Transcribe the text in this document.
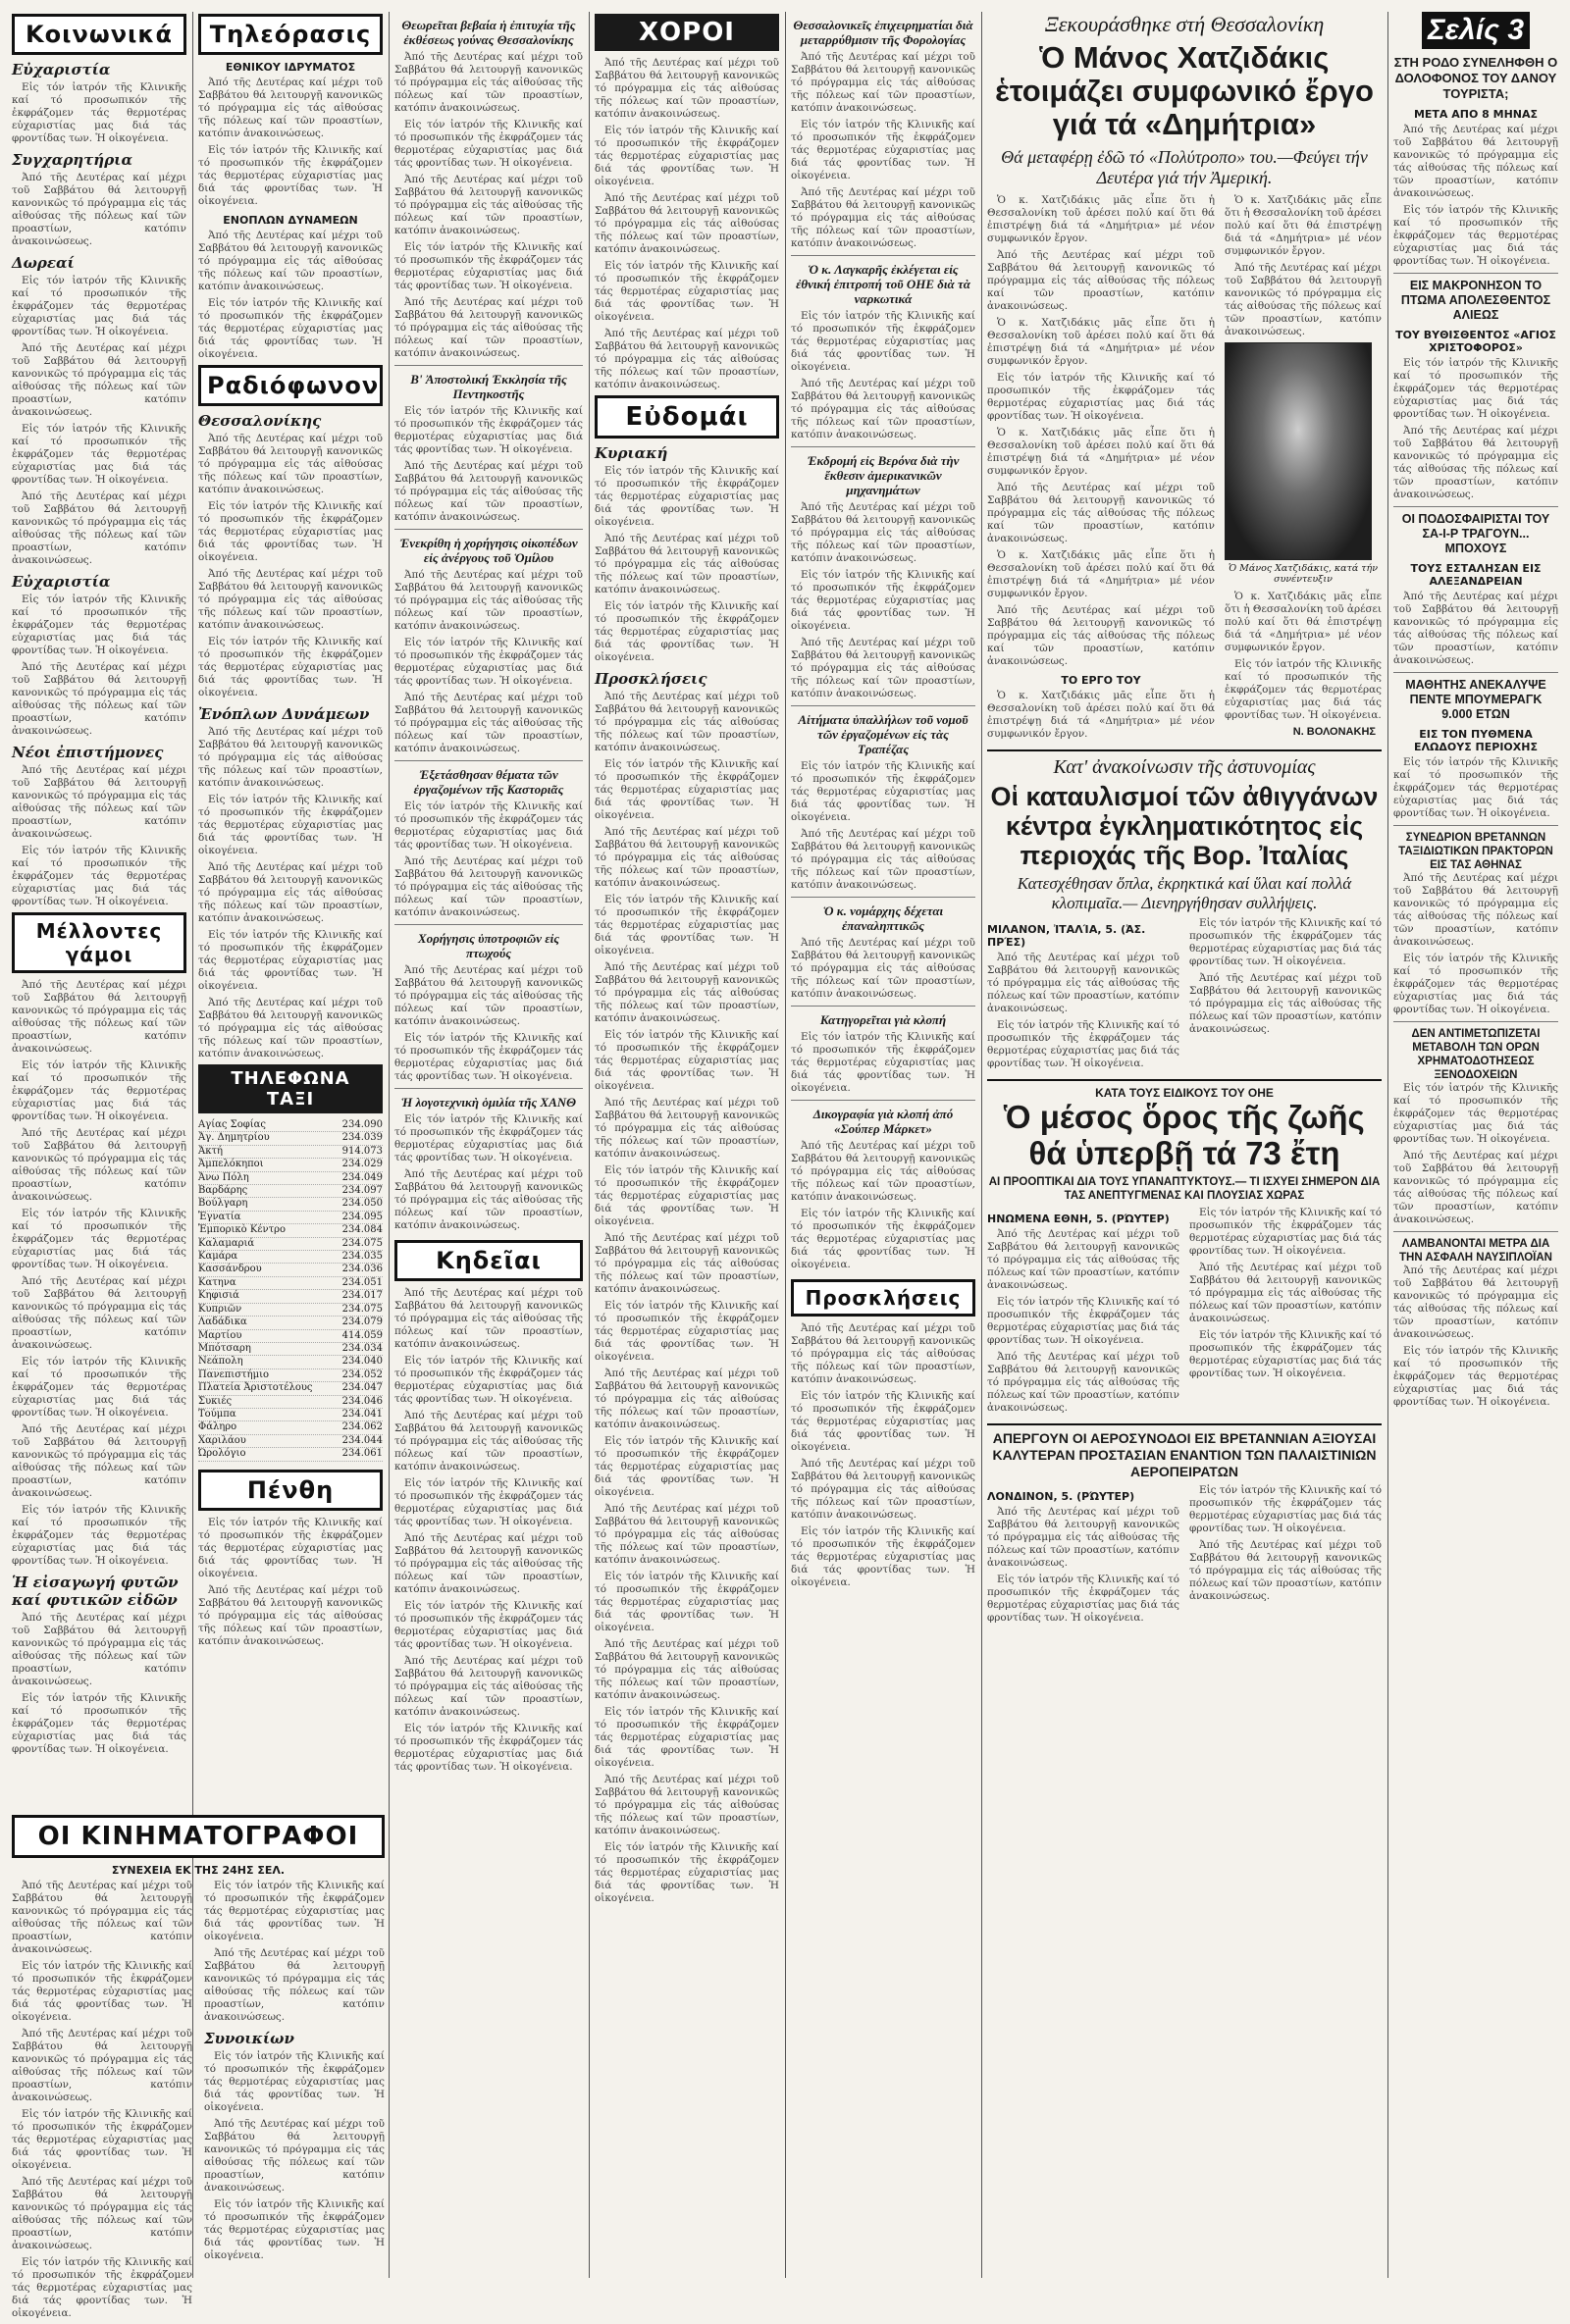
Κοινωνικά
Εὐχαριστία

Εἰς τόν ἰατρόν τῆς Κλινικῆς καί τό προσωπικόν τῆς ἐκφράζομεν τάς θερμοτέρας εὐχαριστίας μας διά τάς φροντίδας των. Ἡ οἰκογένεια.

Συγχαρητήρια

Ἀπό τῆς Δευτέρας καί μέχρι τοῦ Σαββάτου θά λειτουργῇ κανονικῶς τό πρόγραμμα εἰς τάς αἰθούσας τῆς πόλεως καί τῶν προαστίων, κατόπιν ἀνακοινώσεως.

Δωρεαί

Εἰς τόν ἰατρόν τῆς Κλινικῆς καί τό προσωπικόν τῆς ἐκφράζομεν τάς θερμοτέρας εὐχαριστίας μας διά τάς φροντίδας των. Ἡ οἰκογένεια.

Ἀπό τῆς Δευτέρας καί μέχρι τοῦ Σαββάτου θά λειτουργῇ κανονικῶς τό πρόγραμμα εἰς τάς αἰθούσας τῆς πόλεως καί τῶν προαστίων, κατόπιν ἀνακοινώσεως.

Εἰς τόν ἰατρόν τῆς Κλινικῆς καί τό προσωπικόν τῆς ἐκφράζομεν τάς θερμοτέρας εὐχαριστίας μας διά τάς φροντίδας των. Ἡ οἰκογένεια.

Ἀπό τῆς Δευτέρας καί μέχρι τοῦ Σαββάτου θά λειτουργῇ κανονικῶς τό πρόγραμμα εἰς τάς αἰθούσας τῆς πόλεως καί τῶν προαστίων, κατόπιν ἀνακοινώσεως.

Εὐχαριστία

Εἰς τόν ἰατρόν τῆς Κλινικῆς καί τό προσωπικόν τῆς ἐκφράζομεν τάς θερμοτέρας εὐχαριστίας μας διά τάς φροντίδας των. Ἡ οἰκογένεια.

Ἀπό τῆς Δευτέρας καί μέχρι τοῦ Σαββάτου θά λειτουργῇ κανονικῶς τό πρόγραμμα εἰς τάς αἰθούσας τῆς πόλεως καί τῶν προαστίων, κατόπιν ἀνακοινώσεως.

Νέοι ἐπιστήμονες

Ἀπό τῆς Δευτέρας καί μέχρι τοῦ Σαββάτου θά λειτουργῇ κανονικῶς τό πρόγραμμα εἰς τάς αἰθούσας τῆς πόλεως καί τῶν προαστίων, κατόπιν ἀνακοινώσεως.

Εἰς τόν ἰατρόν τῆς Κλινικῆς καί τό προσωπικόν τῆς ἐκφράζομεν τάς θερμοτέρας εὐχαριστίας μας διά τάς φροντίδας των. Ἡ οἰκογένεια.

Μέλλοντες γάμοι

Ἀπό τῆς Δευτέρας καί μέχρι τοῦ Σαββάτου θά λειτουργῇ κανονικῶς τό πρόγραμμα εἰς τάς αἰθούσας τῆς πόλεως καί τῶν προαστίων, κατόπιν ἀνακοινώσεως.

Εἰς τόν ἰατρόν τῆς Κλινικῆς καί τό προσωπικόν τῆς ἐκφράζομεν τάς θερμοτέρας εὐχαριστίας μας διά τάς φροντίδας των. Ἡ οἰκογένεια.

Ἀπό τῆς Δευτέρας καί μέχρι τοῦ Σαββάτου θά λειτουργῇ κανονικῶς τό πρόγραμμα εἰς τάς αἰθούσας τῆς πόλεως καί τῶν προαστίων, κατόπιν ἀνακοινώσεως.

Εἰς τόν ἰατρόν τῆς Κλινικῆς καί τό προσωπικόν τῆς ἐκφράζομεν τάς θερμοτέρας εὐχαριστίας μας διά τάς φροντίδας των. Ἡ οἰκογένεια.

Ἀπό τῆς Δευτέρας καί μέχρι τοῦ Σαββάτου θά λειτουργῇ κανονικῶς τό πρόγραμμα εἰς τάς αἰθούσας τῆς πόλεως καί τῶν προαστίων, κατόπιν ἀνακοινώσεως.

Εἰς τόν ἰατρόν τῆς Κλινικῆς καί τό προσωπικόν τῆς ἐκφράζομεν τάς θερμοτέρας εὐχαριστίας μας διά τάς φροντίδας των. Ἡ οἰκογένεια.

Ἀπό τῆς Δευτέρας καί μέχρι τοῦ Σαββάτου θά λειτουργῇ κανονικῶς τό πρόγραμμα εἰς τάς αἰθούσας τῆς πόλεως καί τῶν προαστίων, κατόπιν ἀνακοινώσεως.

Εἰς τόν ἰατρόν τῆς Κλινικῆς καί τό προσωπικόν τῆς ἐκφράζομεν τάς θερμοτέρας εὐχαριστίας μας διά τάς φροντίδας των. Ἡ οἰκογένεια.

Ἡ εἰσαγωγή φυτῶν καί φυτικῶν εἰδῶν

Ἀπό τῆς Δευτέρας καί μέχρι τοῦ Σαββάτου θά λειτουργῇ κανονικῶς τό πρόγραμμα εἰς τάς αἰθούσας τῆς πόλεως καί τῶν προαστίων, κατόπιν ἀνακοινώσεως.

Εἰς τόν ἰατρόν τῆς Κλινικῆς καί τό προσωπικόν τῆς ἐκφράζομεν τάς θερμοτέρας εὐχαριστίας μας διά τάς φροντίδας των. Ἡ οἰκογένεια.

ΟΙ ΚΙΝΗΜΑΤΟΓΡΑΦΟΙ
ΣΥΝΕΧΕΙΑ ΕΚ ΤΗΣ 24ΗΣ ΣΕΛ.

Ἀπό τῆς Δευτέρας καί μέχρι τοῦ Σαββάτου θά λειτουργῇ κανονικῶς τό πρόγραμμα εἰς τάς αἰθούσας τῆς πόλεως καί τῶν προαστίων, κατόπιν ἀνακοινώσεως.

Εἰς τόν ἰατρόν τῆς Κλινικῆς καί τό προσωπικόν τῆς ἐκφράζομεν τάς θερμοτέρας εὐχαριστίας μας διά τάς φροντίδας των. Ἡ οἰκογένεια.

Ἀπό τῆς Δευτέρας καί μέχρι τοῦ Σαββάτου θά λειτουργῇ κανονικῶς τό πρόγραμμα εἰς τάς αἰθούσας τῆς πόλεως καί τῶν προαστίων, κατόπιν ἀνακοινώσεως.

Εἰς τόν ἰατρόν τῆς Κλινικῆς καί τό προσωπικόν τῆς ἐκφράζομεν τάς θερμοτέρας εὐχαριστίας μας διά τάς φροντίδας των. Ἡ οἰκογένεια.

Ἀπό τῆς Δευτέρας καί μέχρι τοῦ Σαββάτου θά λειτουργῇ κανονικῶς τό πρόγραμμα εἰς τάς αἰθούσας τῆς πόλεως καί τῶν προαστίων, κατόπιν ἀνακοινώσεως.

Εἰς τόν ἰατρόν τῆς Κλινικῆς καί τό προσωπικόν τῆς ἐκφράζομεν τάς θερμοτέρας εὐχαριστίας μας διά τάς φροντίδας των. Ἡ οἰκογένεια.

Εἰς τόν ἰατρόν τῆς Κλινικῆς καί τό προσωπικόν τῆς ἐκφράζομεν τάς θερμοτέρας εὐχαριστίας μας διά τάς φροντίδας των. Ἡ οἰκογένεια.

Ἀπό τῆς Δευτέρας καί μέχρι τοῦ Σαββάτου θά λειτουργῇ κανονικῶς τό πρόγραμμα εἰς τάς αἰθούσας τῆς πόλεως καί τῶν προαστίων, κατόπιν ἀνακοινώσεως.

Συνοικίων

Εἰς τόν ἰατρόν τῆς Κλινικῆς καί τό προσωπικόν τῆς ἐκφράζομεν τάς θερμοτέρας εὐχαριστίας μας διά τάς φροντίδας των. Ἡ οἰκογένεια.

Ἀπό τῆς Δευτέρας καί μέχρι τοῦ Σαββάτου θά λειτουργῇ κανονικῶς τό πρόγραμμα εἰς τάς αἰθούσας τῆς πόλεως καί τῶν προαστίων, κατόπιν ἀνακοινώσεως.

Εἰς τόν ἰατρόν τῆς Κλινικῆς καί τό προσωπικόν τῆς ἐκφράζομεν τάς θερμοτέρας εὐχαριστίας μας διά τάς φροντίδας των. Ἡ οἰκογένεια.

Τηλεόρασις
ΕΘΝΙΚΟΥ ΙΔΡΥΜΑΤΟΣ

Ἀπό τῆς Δευτέρας καί μέχρι τοῦ Σαββάτου θά λειτουργῇ κανονικῶς τό πρόγραμμα εἰς τάς αἰθούσας τῆς πόλεως καί τῶν προαστίων, κατόπιν ἀνακοινώσεως.

Εἰς τόν ἰατρόν τῆς Κλινικῆς καί τό προσωπικόν τῆς ἐκφράζομεν τάς θερμοτέρας εὐχαριστίας μας διά τάς φροντίδας των. Ἡ οἰκογένεια.

ΕΝΟΠΛΩΝ ΔΥΝΑΜΕΩΝ

Ἀπό τῆς Δευτέρας καί μέχρι τοῦ Σαββάτου θά λειτουργῇ κανονικῶς τό πρόγραμμα εἰς τάς αἰθούσας τῆς πόλεως καί τῶν προαστίων, κατόπιν ἀνακοινώσεως.

Εἰς τόν ἰατρόν τῆς Κλινικῆς καί τό προσωπικόν τῆς ἐκφράζομεν τάς θερμοτέρας εὐχαριστίας μας διά τάς φροντίδας των. Ἡ οἰκογένεια.

Ραδιόφωνον
Θεσσαλονίκης

Ἀπό τῆς Δευτέρας καί μέχρι τοῦ Σαββάτου θά λειτουργῇ κανονικῶς τό πρόγραμμα εἰς τάς αἰθούσας τῆς πόλεως καί τῶν προαστίων, κατόπιν ἀνακοινώσεως.

Εἰς τόν ἰατρόν τῆς Κλινικῆς καί τό προσωπικόν τῆς ἐκφράζομεν τάς θερμοτέρας εὐχαριστίας μας διά τάς φροντίδας των. Ἡ οἰκογένεια.

Ἀπό τῆς Δευτέρας καί μέχρι τοῦ Σαββάτου θά λειτουργῇ κανονικῶς τό πρόγραμμα εἰς τάς αἰθούσας τῆς πόλεως καί τῶν προαστίων, κατόπιν ἀνακοινώσεως.

Εἰς τόν ἰατρόν τῆς Κλινικῆς καί τό προσωπικόν τῆς ἐκφράζομεν τάς θερμοτέρας εὐχαριστίας μας διά τάς φροντίδας των. Ἡ οἰκογένεια.

Ἐνόπλων Δυνάμεων

Ἀπό τῆς Δευτέρας καί μέχρι τοῦ Σαββάτου θά λειτουργῇ κανονικῶς τό πρόγραμμα εἰς τάς αἰθούσας τῆς πόλεως καί τῶν προαστίων, κατόπιν ἀνακοινώσεως.

Εἰς τόν ἰατρόν τῆς Κλινικῆς καί τό προσωπικόν τῆς ἐκφράζομεν τάς θερμοτέρας εὐχαριστίας μας διά τάς φροντίδας των. Ἡ οἰκογένεια.

Ἀπό τῆς Δευτέρας καί μέχρι τοῦ Σαββάτου θά λειτουργῇ κανονικῶς τό πρόγραμμα εἰς τάς αἰθούσας τῆς πόλεως καί τῶν προαστίων, κατόπιν ἀνακοινώσεως.

Εἰς τόν ἰατρόν τῆς Κλινικῆς καί τό προσωπικόν τῆς ἐκφράζομεν τάς θερμοτέρας εὐχαριστίας μας διά τάς φροντίδας των. Ἡ οἰκογένεια.

Ἀπό τῆς Δευτέρας καί μέχρι τοῦ Σαββάτου θά λειτουργῇ κανονικῶς τό πρόγραμμα εἰς τάς αἰθούσας τῆς πόλεως καί τῶν προαστίων, κατόπιν ἀνακοινώσεως.

ΤΗΛΕΦΩΝΑ ΤΑΞΙ
Αγίας Σοφίας	234.090
Ἀγ. Δημητρίου	234.039
Ἀκτή	914.073
Ἀμπελόκηποι	234.029
Ἀνω Πόλη	234.049
Βαρδάρης	234.097
Βούλγαρη	234.050
Ἐγνατία	234.095
Ἐμπορικὸ Κέντρο	234.084
Καλαμαριά	234.075
Καμάρα	234.035
Κασσάνδρου	234.036
Κατηνα	234.051
Κηφισιά	234.017
Κυπριῶν	234.075
Λαδάδικα	234.079
Μαρτίου	414.059
Μπότσαρη	234.034
Νεάπολη	234.040
Πανεπιστήμιο	234.052
Πλατεία Ἀριστοτέλους	234.047
Συκιές	234.046
Τούμπα	234.041
Φάληρο	234.062
Χαριλάου	234.044
Ὠρολόγιο	234.061
Πένθη

Εἰς τόν ἰατρόν τῆς Κλινικῆς καί τό προσωπικόν τῆς ἐκφράζομεν τάς θερμοτέρας εὐχαριστίας μας διά τάς φροντίδας των. Ἡ οἰκογένεια.

Ἀπό τῆς Δευτέρας καί μέχρι τοῦ Σαββάτου θά λειτουργῇ κανονικῶς τό πρόγραμμα εἰς τάς αἰθούσας τῆς πόλεως καί τῶν προαστίων, κατόπιν ἀνακοινώσεως.

Θεωρεῖται βεβαία ἡ ἐπιτυχία τῆς ἐκθέσεως γούνας Θεσσαλονίκης

Ἀπό τῆς Δευτέρας καί μέχρι τοῦ Σαββάτου θά λειτουργῇ κανονικῶς τό πρόγραμμα εἰς τάς αἰθούσας τῆς πόλεως καί τῶν προαστίων, κατόπιν ἀνακοινώσεως.

Εἰς τόν ἰατρόν τῆς Κλινικῆς καί τό προσωπικόν τῆς ἐκφράζομεν τάς θερμοτέρας εὐχαριστίας μας διά τάς φροντίδας των. Ἡ οἰκογένεια.

Ἀπό τῆς Δευτέρας καί μέχρι τοῦ Σαββάτου θά λειτουργῇ κανονικῶς τό πρόγραμμα εἰς τάς αἰθούσας τῆς πόλεως καί τῶν προαστίων, κατόπιν ἀνακοινώσεως.

Εἰς τόν ἰατρόν τῆς Κλινικῆς καί τό προσωπικόν τῆς ἐκφράζομεν τάς θερμοτέρας εὐχαριστίας μας διά τάς φροντίδας των. Ἡ οἰκογένεια.

Ἀπό τῆς Δευτέρας καί μέχρι τοῦ Σαββάτου θά λειτουργῇ κανονικῶς τό πρόγραμμα εἰς τάς αἰθούσας τῆς πόλεως καί τῶν προαστίων, κατόπιν ἀνακοινώσεως.

Β' Ἀποστολική Ἐκκλησία τῆς Πεντηκοστῆς

Εἰς τόν ἰατρόν τῆς Κλινικῆς καί τό προσωπικόν τῆς ἐκφράζομεν τάς θερμοτέρας εὐχαριστίας μας διά τάς φροντίδας των. Ἡ οἰκογένεια.

Ἀπό τῆς Δευτέρας καί μέχρι τοῦ Σαββάτου θά λειτουργῇ κανονικῶς τό πρόγραμμα εἰς τάς αἰθούσας τῆς πόλεως καί τῶν προαστίων, κατόπιν ἀνακοινώσεως.

Ἐνεκρίθη ἡ χορήγησις οἰκοπέδων εἰς ἀνέργους τοῦ Ὁμίλου

Ἀπό τῆς Δευτέρας καί μέχρι τοῦ Σαββάτου θά λειτουργῇ κανονικῶς τό πρόγραμμα εἰς τάς αἰθούσας τῆς πόλεως καί τῶν προαστίων, κατόπιν ἀνακοινώσεως.

Εἰς τόν ἰατρόν τῆς Κλινικῆς καί τό προσωπικόν τῆς ἐκφράζομεν τάς θερμοτέρας εὐχαριστίας μας διά τάς φροντίδας των. Ἡ οἰκογένεια.

Ἀπό τῆς Δευτέρας καί μέχρι τοῦ Σαββάτου θά λειτουργῇ κανονικῶς τό πρόγραμμα εἰς τάς αἰθούσας τῆς πόλεως καί τῶν προαστίων, κατόπιν ἀνακοινώσεως.

Ἐξετάσθησαν θέματα τῶν ἐργαζομένων τῆς Καστοριᾶς

Εἰς τόν ἰατρόν τῆς Κλινικῆς καί τό προσωπικόν τῆς ἐκφράζομεν τάς θερμοτέρας εὐχαριστίας μας διά τάς φροντίδας των. Ἡ οἰκογένεια.

Ἀπό τῆς Δευτέρας καί μέχρι τοῦ Σαββάτου θά λειτουργῇ κανονικῶς τό πρόγραμμα εἰς τάς αἰθούσας τῆς πόλεως καί τῶν προαστίων, κατόπιν ἀνακοινώσεως.

Χορήγησις ὑποτροφιῶν εἰς πτωχούς

Ἀπό τῆς Δευτέρας καί μέχρι τοῦ Σαββάτου θά λειτουργῇ κανονικῶς τό πρόγραμμα εἰς τάς αἰθούσας τῆς πόλεως καί τῶν προαστίων, κατόπιν ἀνακοινώσεως.

Εἰς τόν ἰατρόν τῆς Κλινικῆς καί τό προσωπικόν τῆς ἐκφράζομεν τάς θερμοτέρας εὐχαριστίας μας διά τάς φροντίδας των. Ἡ οἰκογένεια.

Ἡ λογοτεχνικὴ ὁμιλία τῆς ΧΑΝΘ

Εἰς τόν ἰατρόν τῆς Κλινικῆς καί τό προσωπικόν τῆς ἐκφράζομεν τάς θερμοτέρας εὐχαριστίας μας διά τάς φροντίδας των. Ἡ οἰκογένεια.

Ἀπό τῆς Δευτέρας καί μέχρι τοῦ Σαββάτου θά λειτουργῇ κανονικῶς τό πρόγραμμα εἰς τάς αἰθούσας τῆς πόλεως καί τῶν προαστίων, κατόπιν ἀνακοινώσεως.

Κηδεῖαι

Ἀπό τῆς Δευτέρας καί μέχρι τοῦ Σαββάτου θά λειτουργῇ κανονικῶς τό πρόγραμμα εἰς τάς αἰθούσας τῆς πόλεως καί τῶν προαστίων, κατόπιν ἀνακοινώσεως.

Εἰς τόν ἰατρόν τῆς Κλινικῆς καί τό προσωπικόν τῆς ἐκφράζομεν τάς θερμοτέρας εὐχαριστίας μας διά τάς φροντίδας των. Ἡ οἰκογένεια.

Ἀπό τῆς Δευτέρας καί μέχρι τοῦ Σαββάτου θά λειτουργῇ κανονικῶς τό πρόγραμμα εἰς τάς αἰθούσας τῆς πόλεως καί τῶν προαστίων, κατόπιν ἀνακοινώσεως.

Εἰς τόν ἰατρόν τῆς Κλινικῆς καί τό προσωπικόν τῆς ἐκφράζομεν τάς θερμοτέρας εὐχαριστίας μας διά τάς φροντίδας των. Ἡ οἰκογένεια.

Ἀπό τῆς Δευτέρας καί μέχρι τοῦ Σαββάτου θά λειτουργῇ κανονικῶς τό πρόγραμμα εἰς τάς αἰθούσας τῆς πόλεως καί τῶν προαστίων, κατόπιν ἀνακοινώσεως.

Εἰς τόν ἰατρόν τῆς Κλινικῆς καί τό προσωπικόν τῆς ἐκφράζομεν τάς θερμοτέρας εὐχαριστίας μας διά τάς φροντίδας των. Ἡ οἰκογένεια.

Ἀπό τῆς Δευτέρας καί μέχρι τοῦ Σαββάτου θά λειτουργῇ κανονικῶς τό πρόγραμμα εἰς τάς αἰθούσας τῆς πόλεως καί τῶν προαστίων, κατόπιν ἀνακοινώσεως.

Εἰς τόν ἰατρόν τῆς Κλινικῆς καί τό προσωπικόν τῆς ἐκφράζομεν τάς θερμοτέρας εὐχαριστίας μας διά τάς φροντίδας των. Ἡ οἰκογένεια.

ΧΟΡΟΙ

Ἀπό τῆς Δευτέρας καί μέχρι τοῦ Σαββάτου θά λειτουργῇ κανονικῶς τό πρόγραμμα εἰς τάς αἰθούσας τῆς πόλεως καί τῶν προαστίων, κατόπιν ἀνακοινώσεως.

Εἰς τόν ἰατρόν τῆς Κλινικῆς καί τό προσωπικόν τῆς ἐκφράζομεν τάς θερμοτέρας εὐχαριστίας μας διά τάς φροντίδας των. Ἡ οἰκογένεια.

Ἀπό τῆς Δευτέρας καί μέχρι τοῦ Σαββάτου θά λειτουργῇ κανονικῶς τό πρόγραμμα εἰς τάς αἰθούσας τῆς πόλεως καί τῶν προαστίων, κατόπιν ἀνακοινώσεως.

Εἰς τόν ἰατρόν τῆς Κλινικῆς καί τό προσωπικόν τῆς ἐκφράζομεν τάς θερμοτέρας εὐχαριστίας μας διά τάς φροντίδας των. Ἡ οἰκογένεια.

Ἀπό τῆς Δευτέρας καί μέχρι τοῦ Σαββάτου θά λειτουργῇ κανονικῶς τό πρόγραμμα εἰς τάς αἰθούσας τῆς πόλεως καί τῶν προαστίων, κατόπιν ἀνακοινώσεως.

Εὐδομάι
Κυριακή

Εἰς τόν ἰατρόν τῆς Κλινικῆς καί τό προσωπικόν τῆς ἐκφράζομεν τάς θερμοτέρας εὐχαριστίας μας διά τάς φροντίδας των. Ἡ οἰκογένεια.

Ἀπό τῆς Δευτέρας καί μέχρι τοῦ Σαββάτου θά λειτουργῇ κανονικῶς τό πρόγραμμα εἰς τάς αἰθούσας τῆς πόλεως καί τῶν προαστίων, κατόπιν ἀνακοινώσεως.

Εἰς τόν ἰατρόν τῆς Κλινικῆς καί τό προσωπικόν τῆς ἐκφράζομεν τάς θερμοτέρας εὐχαριστίας μας διά τάς φροντίδας των. Ἡ οἰκογένεια.

Προσκλήσεις

Ἀπό τῆς Δευτέρας καί μέχρι τοῦ Σαββάτου θά λειτουργῇ κανονικῶς τό πρόγραμμα εἰς τάς αἰθούσας τῆς πόλεως καί τῶν προαστίων, κατόπιν ἀνακοινώσεως.

Εἰς τόν ἰατρόν τῆς Κλινικῆς καί τό προσωπικόν τῆς ἐκφράζομεν τάς θερμοτέρας εὐχαριστίας μας διά τάς φροντίδας των. Ἡ οἰκογένεια.

Ἀπό τῆς Δευτέρας καί μέχρι τοῦ Σαββάτου θά λειτουργῇ κανονικῶς τό πρόγραμμα εἰς τάς αἰθούσας τῆς πόλεως καί τῶν προαστίων, κατόπιν ἀνακοινώσεως.

Εἰς τόν ἰατρόν τῆς Κλινικῆς καί τό προσωπικόν τῆς ἐκφράζομεν τάς θερμοτέρας εὐχαριστίας μας διά τάς φροντίδας των. Ἡ οἰκογένεια.

Ἀπό τῆς Δευτέρας καί μέχρι τοῦ Σαββάτου θά λειτουργῇ κανονικῶς τό πρόγραμμα εἰς τάς αἰθούσας τῆς πόλεως καί τῶν προαστίων, κατόπιν ἀνακοινώσεως.

Εἰς τόν ἰατρόν τῆς Κλινικῆς καί τό προσωπικόν τῆς ἐκφράζομεν τάς θερμοτέρας εὐχαριστίας μας διά τάς φροντίδας των. Ἡ οἰκογένεια.

Ἀπό τῆς Δευτέρας καί μέχρι τοῦ Σαββάτου θά λειτουργῇ κανονικῶς τό πρόγραμμα εἰς τάς αἰθούσας τῆς πόλεως καί τῶν προαστίων, κατόπιν ἀνακοινώσεως.

Εἰς τόν ἰατρόν τῆς Κλινικῆς καί τό προσωπικόν τῆς ἐκφράζομεν τάς θερμοτέρας εὐχαριστίας μας διά τάς φροντίδας των. Ἡ οἰκογένεια.

Ἀπό τῆς Δευτέρας καί μέχρι τοῦ Σαββάτου θά λειτουργῇ κανονικῶς τό πρόγραμμα εἰς τάς αἰθούσας τῆς πόλεως καί τῶν προαστίων, κατόπιν ἀνακοινώσεως.

Εἰς τόν ἰατρόν τῆς Κλινικῆς καί τό προσωπικόν τῆς ἐκφράζομεν τάς θερμοτέρας εὐχαριστίας μας διά τάς φροντίδας των. Ἡ οἰκογένεια.

Ἀπό τῆς Δευτέρας καί μέχρι τοῦ Σαββάτου θά λειτουργῇ κανονικῶς τό πρόγραμμα εἰς τάς αἰθούσας τῆς πόλεως καί τῶν προαστίων, κατόπιν ἀνακοινώσεως.

Εἰς τόν ἰατρόν τῆς Κλινικῆς καί τό προσωπικόν τῆς ἐκφράζομεν τάς θερμοτέρας εὐχαριστίας μας διά τάς φροντίδας των. Ἡ οἰκογένεια.

Ἀπό τῆς Δευτέρας καί μέχρι τοῦ Σαββάτου θά λειτουργῇ κανονικῶς τό πρόγραμμα εἰς τάς αἰθούσας τῆς πόλεως καί τῶν προαστίων, κατόπιν ἀνακοινώσεως.

Εἰς τόν ἰατρόν τῆς Κλινικῆς καί τό προσωπικόν τῆς ἐκφράζομεν τάς θερμοτέρας εὐχαριστίας μας διά τάς φροντίδας των. Ἡ οἰκογένεια.

Ἀπό τῆς Δευτέρας καί μέχρι τοῦ Σαββάτου θά λειτουργῇ κανονικῶς τό πρόγραμμα εἰς τάς αἰθούσας τῆς πόλεως καί τῶν προαστίων, κατόπιν ἀνακοινώσεως.

Εἰς τόν ἰατρόν τῆς Κλινικῆς καί τό προσωπικόν τῆς ἐκφράζομεν τάς θερμοτέρας εὐχαριστίας μας διά τάς φροντίδας των. Ἡ οἰκογένεια.

Ἀπό τῆς Δευτέρας καί μέχρι τοῦ Σαββάτου θά λειτουργῇ κανονικῶς τό πρόγραμμα εἰς τάς αἰθούσας τῆς πόλεως καί τῶν προαστίων, κατόπιν ἀνακοινώσεως.

Εἰς τόν ἰατρόν τῆς Κλινικῆς καί τό προσωπικόν τῆς ἐκφράζομεν τάς θερμοτέρας εὐχαριστίας μας διά τάς φροντίδας των. Ἡ οἰκογένεια.

Θεσσαλονικεῖς ἐπιχειρηματίαι διὰ μεταρρύθμισιν τῆς Φορολογίας

Ἀπό τῆς Δευτέρας καί μέχρι τοῦ Σαββάτου θά λειτουργῇ κανονικῶς τό πρόγραμμα εἰς τάς αἰθούσας τῆς πόλεως καί τῶν προαστίων, κατόπιν ἀνακοινώσεως.

Εἰς τόν ἰατρόν τῆς Κλινικῆς καί τό προσωπικόν τῆς ἐκφράζομεν τάς θερμοτέρας εὐχαριστίας μας διά τάς φροντίδας των. Ἡ οἰκογένεια.

Ἀπό τῆς Δευτέρας καί μέχρι τοῦ Σαββάτου θά λειτουργῇ κανονικῶς τό πρόγραμμα εἰς τάς αἰθούσας τῆς πόλεως καί τῶν προαστίων, κατόπιν ἀνακοινώσεως.

Ὁ κ. Λαγκαρῆς ἐκλέγεται εἰς ἐθνική ἐπιτροπή τοῦ ΟΗΕ διὰ τὰ ναρκωτικά

Εἰς τόν ἰατρόν τῆς Κλινικῆς καί τό προσωπικόν τῆς ἐκφράζομεν τάς θερμοτέρας εὐχαριστίας μας διά τάς φροντίδας των. Ἡ οἰκογένεια.

Ἀπό τῆς Δευτέρας καί μέχρι τοῦ Σαββάτου θά λειτουργῇ κανονικῶς τό πρόγραμμα εἰς τάς αἰθούσας τῆς πόλεως καί τῶν προαστίων, κατόπιν ἀνακοινώσεως.

Ἐκδρομή εἰς Βερόνα διὰ τὴν ἔκθεσιν ἀμερικανικῶν μηχανημάτων

Ἀπό τῆς Δευτέρας καί μέχρι τοῦ Σαββάτου θά λειτουργῇ κανονικῶς τό πρόγραμμα εἰς τάς αἰθούσας τῆς πόλεως καί τῶν προαστίων, κατόπιν ἀνακοινώσεως.

Εἰς τόν ἰατρόν τῆς Κλινικῆς καί τό προσωπικόν τῆς ἐκφράζομεν τάς θερμοτέρας εὐχαριστίας μας διά τάς φροντίδας των. Ἡ οἰκογένεια.

Ἀπό τῆς Δευτέρας καί μέχρι τοῦ Σαββάτου θά λειτουργῇ κανονικῶς τό πρόγραμμα εἰς τάς αἰθούσας τῆς πόλεως καί τῶν προαστίων, κατόπιν ἀνακοινώσεως.

Αἰτήματα ὑπαλλήλων τοῦ νομοῦ τῶν ἐργαζομένων εἰς τὰς Τραπέζας

Εἰς τόν ἰατρόν τῆς Κλινικῆς καί τό προσωπικόν τῆς ἐκφράζομεν τάς θερμοτέρας εὐχαριστίας μας διά τάς φροντίδας των. Ἡ οἰκογένεια.

Ἀπό τῆς Δευτέρας καί μέχρι τοῦ Σαββάτου θά λειτουργῇ κανονικῶς τό πρόγραμμα εἰς τάς αἰθούσας τῆς πόλεως καί τῶν προαστίων, κατόπιν ἀνακοινώσεως.

Ὁ κ. νομάρχης δέχεται ἐπαναληπτικῶς

Ἀπό τῆς Δευτέρας καί μέχρι τοῦ Σαββάτου θά λειτουργῇ κανονικῶς τό πρόγραμμα εἰς τάς αἰθούσας τῆς πόλεως καί τῶν προαστίων, κατόπιν ἀνακοινώσεως.

Κατηγορεῖται γιὰ κλοπή

Εἰς τόν ἰατρόν τῆς Κλινικῆς καί τό προσωπικόν τῆς ἐκφράζομεν τάς θερμοτέρας εὐχαριστίας μας διά τάς φροντίδας των. Ἡ οἰκογένεια.

Δικογραφία γιὰ κλοπή ἀπό «Σούπερ Μάρκετ»

Ἀπό τῆς Δευτέρας καί μέχρι τοῦ Σαββάτου θά λειτουργῇ κανονικῶς τό πρόγραμμα εἰς τάς αἰθούσας τῆς πόλεως καί τῶν προαστίων, κατόπιν ἀνακοινώσεως.

Εἰς τόν ἰατρόν τῆς Κλινικῆς καί τό προσωπικόν τῆς ἐκφράζομεν τάς θερμοτέρας εὐχαριστίας μας διά τάς φροντίδας των. Ἡ οἰκογένεια.

Προσκλήσεις

Ἀπό τῆς Δευτέρας καί μέχρι τοῦ Σαββάτου θά λειτουργῇ κανονικῶς τό πρόγραμμα εἰς τάς αἰθούσας τῆς πόλεως καί τῶν προαστίων, κατόπιν ἀνακοινώσεως.

Εἰς τόν ἰατρόν τῆς Κλινικῆς καί τό προσωπικόν τῆς ἐκφράζομεν τάς θερμοτέρας εὐχαριστίας μας διά τάς φροντίδας των. Ἡ οἰκογένεια.

Ἀπό τῆς Δευτέρας καί μέχρι τοῦ Σαββάτου θά λειτουργῇ κανονικῶς τό πρόγραμμα εἰς τάς αἰθούσας τῆς πόλεως καί τῶν προαστίων, κατόπιν ἀνακοινώσεως.

Εἰς τόν ἰατρόν τῆς Κλινικῆς καί τό προσωπικόν τῆς ἐκφράζομεν τάς θερμοτέρας εὐχαριστίας μας διά τάς φροντίδας των. Ἡ οἰκογένεια.

Ξεκουράσθηκε στή Θεσσαλονίκη
Ὁ Μάνος Χατζιδάκις ἑτοιμάζει συμφωνικό ἔργο γιά τά «Δημήτρια»
Θά μεταφέρῃ ἐδῶ τό «Πολύτροπο» του.—Φεύγει τήν Δευτέρα γιά τήν Ἀμερική.

Ὁ κ. Χατζιδάκις μᾶς εἶπε ὅτι ἡ Θεσσαλονίκη τοῦ ἀρέσει πολύ καί ὅτι θά ἐπιστρέψῃ διά τά «Δημήτρια» μέ νέον συμφωνικόν ἔργον.

Ἀπό τῆς Δευτέρας καί μέχρι τοῦ Σαββάτου θά λειτουργῇ κανονικῶς τό πρόγραμμα εἰς τάς αἰθούσας τῆς πόλεως καί τῶν προαστίων, κατόπιν ἀνακοινώσεως.

Ὁ κ. Χατζιδάκις μᾶς εἶπε ὅτι ἡ Θεσσαλονίκη τοῦ ἀρέσει πολύ καί ὅτι θά ἐπιστρέψῃ διά τά «Δημήτρια» μέ νέον συμφωνικόν ἔργον.

Εἰς τόν ἰατρόν τῆς Κλινικῆς καί τό προσωπικόν τῆς ἐκφράζομεν τάς θερμοτέρας εὐχαριστίας μας διά τάς φροντίδας των. Ἡ οἰκογένεια.

Ὁ κ. Χατζιδάκις μᾶς εἶπε ὅτι ἡ Θεσσαλονίκη τοῦ ἀρέσει πολύ καί ὅτι θά ἐπιστρέψῃ διά τά «Δημήτρια» μέ νέον συμφωνικόν ἔργον.

Ἀπό τῆς Δευτέρας καί μέχρι τοῦ Σαββάτου θά λειτουργῇ κανονικῶς τό πρόγραμμα εἰς τάς αἰθούσας τῆς πόλεως καί τῶν προαστίων, κατόπιν ἀνακοινώσεως.

Ὁ κ. Χατζιδάκις μᾶς εἶπε ὅτι ἡ Θεσσαλονίκη τοῦ ἀρέσει πολύ καί ὅτι θά ἐπιστρέψῃ διά τά «Δημήτρια» μέ νέον συμφωνικόν ἔργον.

Ἀπό τῆς Δευτέρας καί μέχρι τοῦ Σαββάτου θά λειτουργῇ κανονικῶς τό πρόγραμμα εἰς τάς αἰθούσας τῆς πόλεως καί τῶν προαστίων, κατόπιν ἀνακοινώσεως.

ΤΟ ΕΡΓΟ ΤΟΥ

Ὁ κ. Χατζιδάκις μᾶς εἶπε ὅτι ἡ Θεσσαλονίκη τοῦ ἀρέσει πολύ καί ὅτι θά ἐπιστρέψῃ διά τά «Δημήτρια» μέ νέον συμφωνικόν ἔργον.

Ὁ κ. Χατζιδάκις μᾶς εἶπε ὅτι ἡ Θεσσαλονίκη τοῦ ἀρέσει πολύ καί ὅτι θά ἐπιστρέψῃ διά τά «Δημήτρια» μέ νέον συμφωνικόν ἔργον.

Ἀπό τῆς Δευτέρας καί μέχρι τοῦ Σαββάτου θά λειτουργῇ κανονικῶς τό πρόγραμμα εἰς τάς αἰθούσας τῆς πόλεως καί τῶν προαστίων, κατόπιν ἀνακοινώσεως.

Ὁ Μάνος Χατζιδάκις, κατά τήν συνέντευξιν

Ὁ κ. Χατζιδάκις μᾶς εἶπε ὅτι ἡ Θεσσαλονίκη τοῦ ἀρέσει πολύ καί ὅτι θά ἐπιστρέψῃ διά τά «Δημήτρια» μέ νέον συμφωνικόν ἔργον.

Εἰς τόν ἰατρόν τῆς Κλινικῆς καί τό προσωπικόν τῆς ἐκφράζομεν τάς θερμοτέρας εὐχαριστίας μας διά τάς φροντίδας των. Ἡ οἰκογένεια.

Ν. ΒΟΛΟΝΑΚΗΣ
Κατ' ἀνακοίνωσιν τῆς ἀστυνομίας
Οἱ καταυλισμοί τῶν ἀθιγγάνων κέντρα ἐγκληματικότητος εἰς περιοχάς τῆς Βορ. Ἰταλίας
Κατεσχέθησαν ὅπλα, ἐκρηκτικά καί ὕλαι καί πολλά κλοπιμαῖα.— Διενηργήθησαν συλλήψεις.
ΜΙΛΑΝΟΝ, ἸΤΑΛΊΑ, 5. (ἈΣ. ΠΡΈΣ)

Ἀπό τῆς Δευτέρας καί μέχρι τοῦ Σαββάτου θά λειτουργῇ κανονικῶς τό πρόγραμμα εἰς τάς αἰθούσας τῆς πόλεως καί τῶν προαστίων, κατόπιν ἀνακοινώσεως.

Εἰς τόν ἰατρόν τῆς Κλινικῆς καί τό προσωπικόν τῆς ἐκφράζομεν τάς θερμοτέρας εὐχαριστίας μας διά τάς φροντίδας των. Ἡ οἰκογένεια.

Εἰς τόν ἰατρόν τῆς Κλινικῆς καί τό προσωπικόν τῆς ἐκφράζομεν τάς θερμοτέρας εὐχαριστίας μας διά τάς φροντίδας των. Ἡ οἰκογένεια.

Ἀπό τῆς Δευτέρας καί μέχρι τοῦ Σαββάτου θά λειτουργῇ κανονικῶς τό πρόγραμμα εἰς τάς αἰθούσας τῆς πόλεως καί τῶν προαστίων, κατόπιν ἀνακοινώσεως.

ΚΑΤΑ ΤΟΥΣ ΕΙΔΙΚΟΥΣ ΤΟΥ ΟΗΕ
Ὁ μέσος ὅρος τῆς ζωῆς θά ὑπερβῇ τά 73 ἔτη
ΑΙ ΠΡΟΟΠΤΙΚΑΙ ΔΙΑ ΤΟΥΣ ΥΠΑΝΑΠΤΥΚΤΟΥΣ.— ΤΙ ΙΣΧΥΕΙ ΣΗΜΕΡΟΝ ΔΙΑ ΤΑΣ ΑΝΕΠΤΥΓΜΕΝΑΣ ΚΑΙ ΠΛΟΥΣΙΑΣ ΧΩΡΑΣ
ΗΝΩΜΕΝΑ ΕΘΝΗ, 5. (ΡΏΥΤΕΡ)

Ἀπό τῆς Δευτέρας καί μέχρι τοῦ Σαββάτου θά λειτουργῇ κανονικῶς τό πρόγραμμα εἰς τάς αἰθούσας τῆς πόλεως καί τῶν προαστίων, κατόπιν ἀνακοινώσεως.

Εἰς τόν ἰατρόν τῆς Κλινικῆς καί τό προσωπικόν τῆς ἐκφράζομεν τάς θερμοτέρας εὐχαριστίας μας διά τάς φροντίδας των. Ἡ οἰκογένεια.

Ἀπό τῆς Δευτέρας καί μέχρι τοῦ Σαββάτου θά λειτουργῇ κανονικῶς τό πρόγραμμα εἰς τάς αἰθούσας τῆς πόλεως καί τῶν προαστίων, κατόπιν ἀνακοινώσεως.

Εἰς τόν ἰατρόν τῆς Κλινικῆς καί τό προσωπικόν τῆς ἐκφράζομεν τάς θερμοτέρας εὐχαριστίας μας διά τάς φροντίδας των. Ἡ οἰκογένεια.

Ἀπό τῆς Δευτέρας καί μέχρι τοῦ Σαββάτου θά λειτουργῇ κανονικῶς τό πρόγραμμα εἰς τάς αἰθούσας τῆς πόλεως καί τῶν προαστίων, κατόπιν ἀνακοινώσεως.

Εἰς τόν ἰατρόν τῆς Κλινικῆς καί τό προσωπικόν τῆς ἐκφράζομεν τάς θερμοτέρας εὐχαριστίας μας διά τάς φροντίδας των. Ἡ οἰκογένεια.

ΑΠΕΡΓΟΥΝ ΟΙ ΑΕΡΟΣΥΝΟΔΟΙ ΕΙΣ ΒΡΕΤΑΝΝΙΑΝ ΑΞΙΟΥΣΑΙ ΚΑΛΥΤΕΡΑΝ ΠΡΟΣΤΑΣΙΑΝ ΕΝΑΝΤΙΟΝ ΤΩΝ ΠΑΛΑΙΣΤΙΝΙΩΝ ΑΕΡΟΠΕΙΡΑΤΩΝ
ΛΟΝΔΙΝΟΝ, 5. (ΡΏΥΤΕΡ)

Ἀπό τῆς Δευτέρας καί μέχρι τοῦ Σαββάτου θά λειτουργῇ κανονικῶς τό πρόγραμμα εἰς τάς αἰθούσας τῆς πόλεως καί τῶν προαστίων, κατόπιν ἀνακοινώσεως.

Εἰς τόν ἰατρόν τῆς Κλινικῆς καί τό προσωπικόν τῆς ἐκφράζομεν τάς θερμοτέρας εὐχαριστίας μας διά τάς φροντίδας των. Ἡ οἰκογένεια.

Εἰς τόν ἰατρόν τῆς Κλινικῆς καί τό προσωπικόν τῆς ἐκφράζομεν τάς θερμοτέρας εὐχαριστίας μας διά τάς φροντίδας των. Ἡ οἰκογένεια.

Ἀπό τῆς Δευτέρας καί μέχρι τοῦ Σαββάτου θά λειτουργῇ κανονικῶς τό πρόγραμμα εἰς τάς αἰθούσας τῆς πόλεως καί τῶν προαστίων, κατόπιν ἀνακοινώσεως.

Σελίς 3
ΣΤΗ ΡΟΔΟ ΣΥΝΕΛΗΦΘΗ Ο ΔΟΛΟΦΟΝΟΣ ΤΟΥ ΔΑΝΟΥ ΤΟΥΡΙΣΤΑ;
ΜΕΤΑ ΑΠΟ 8 ΜΗΝΑΣ

Ἀπό τῆς Δευτέρας καί μέχρι τοῦ Σαββάτου θά λειτουργῇ κανονικῶς τό πρόγραμμα εἰς τάς αἰθούσας τῆς πόλεως καί τῶν προαστίων, κατόπιν ἀνακοινώσεως.

Εἰς τόν ἰατρόν τῆς Κλινικῆς καί τό προσωπικόν τῆς ἐκφράζομεν τάς θερμοτέρας εὐχαριστίας μας διά τάς φροντίδας των. Ἡ οἰκογένεια.

ΕΙΣ ΜΑΚΡΟΝΗΣΟΝ ΤΟ ΠΤΩΜΑ ΑΠΟΛΕΣΘΕΝΤΟΣ ΑΛΙΕΩΣ
ΤΟΥ ΒΥΘΙΣΘΕΝΤΟΣ «ΑΓΙΟΣ ΧΡΙΣΤΟΦΟΡΟΣ»

Εἰς τόν ἰατρόν τῆς Κλινικῆς καί τό προσωπικόν τῆς ἐκφράζομεν τάς θερμοτέρας εὐχαριστίας μας διά τάς φροντίδας των. Ἡ οἰκογένεια.

Ἀπό τῆς Δευτέρας καί μέχρι τοῦ Σαββάτου θά λειτουργῇ κανονικῶς τό πρόγραμμα εἰς τάς αἰθούσας τῆς πόλεως καί τῶν προαστίων, κατόπιν ἀνακοινώσεως.

ΟΙ ΠΟΔΟΣΦΑΙΡΙΣΤΑΙ ΤΟΥ ΣΑ-Ι-Ρ ΤΡΑΓΟΥΝ... ΜΠΟΧΟΥΣ
ΤΟΥΣ ΕΣΤΑΛΗΣΑΝ ΕΙΣ ΑΛΕΞΑΝΔΡΕΙΑΝ

Ἀπό τῆς Δευτέρας καί μέχρι τοῦ Σαββάτου θά λειτουργῇ κανονικῶς τό πρόγραμμα εἰς τάς αἰθούσας τῆς πόλεως καί τῶν προαστίων, κατόπιν ἀνακοινώσεως.

ΜΑΘΗΤΗΣ ΑΝΕΚΑΛΥΨΕ ΠΕΝΤΕ ΜΠΟΥΜΕΡΑΓΚ 9.000 ΕΤΩΝ
ΕΙΣ ΤΟΝ ΠΥΘΜΕΝΑ ΕΛΩΔΟΥΣ ΠΕΡΙΟΧΗΣ

Εἰς τόν ἰατρόν τῆς Κλινικῆς καί τό προσωπικόν τῆς ἐκφράζομεν τάς θερμοτέρας εὐχαριστίας μας διά τάς φροντίδας των. Ἡ οἰκογένεια.

ΣΥΝΕΔΡΙΟΝ ΒΡΕΤΑΝΝΩΝ ΤΑΞΙΔΙΩΤΙΚΩΝ ΠΡΑΚΤΟΡΩΝ ΕΙΣ ΤΑΣ ΑΘΗΝΑΣ

Ἀπό τῆς Δευτέρας καί μέχρι τοῦ Σαββάτου θά λειτουργῇ κανονικῶς τό πρόγραμμα εἰς τάς αἰθούσας τῆς πόλεως καί τῶν προαστίων, κατόπιν ἀνακοινώσεως.

Εἰς τόν ἰατρόν τῆς Κλινικῆς καί τό προσωπικόν τῆς ἐκφράζομεν τάς θερμοτέρας εὐχαριστίας μας διά τάς φροντίδας των. Ἡ οἰκογένεια.

ΔΕΝ ΑΝΤΙΜΕΤΩΠΙΖΕΤΑΙ ΜΕΤΑΒΟΛΗ ΤΩΝ ΟΡΩΝ ΧΡΗΜΑΤΟΔΟΤΗΣΕΩΣ ΞΕΝΟΔΟΧΕΙΩΝ

Εἰς τόν ἰατρόν τῆς Κλινικῆς καί τό προσωπικόν τῆς ἐκφράζομεν τάς θερμοτέρας εὐχαριστίας μας διά τάς φροντίδας των. Ἡ οἰκογένεια.

Ἀπό τῆς Δευτέρας καί μέχρι τοῦ Σαββάτου θά λειτουργῇ κανονικῶς τό πρόγραμμα εἰς τάς αἰθούσας τῆς πόλεως καί τῶν προαστίων, κατόπιν ἀνακοινώσεως.

ΛΑΜΒΑΝΟΝΤΑΙ ΜΕΤΡΑ ΔΙΑ ΤΗΝ ΑΣΦΑΛΗ ΝΑΥΣΙΠΛΟΪΑΝ

Ἀπό τῆς Δευτέρας καί μέχρι τοῦ Σαββάτου θά λειτουργῇ κανονικῶς τό πρόγραμμα εἰς τάς αἰθούσας τῆς πόλεως καί τῶν προαστίων, κατόπιν ἀνακοινώσεως.

Εἰς τόν ἰατρόν τῆς Κλινικῆς καί τό προσωπικόν τῆς ἐκφράζομεν τάς θερμοτέρας εὐχαριστίας μας διά τάς φροντίδας των. Ἡ οἰκογένεια.
